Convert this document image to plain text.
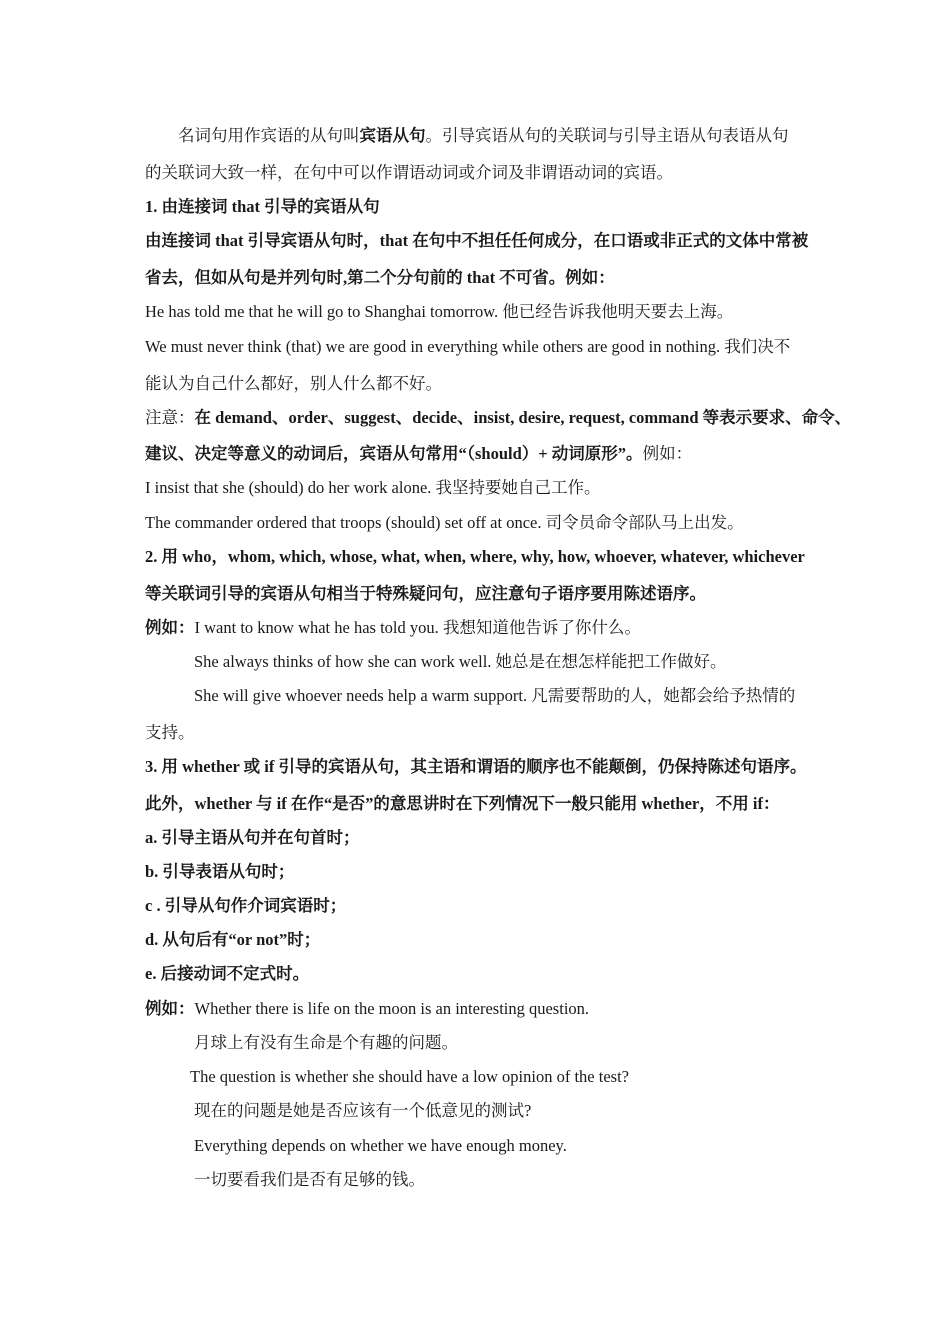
名词句用作宾语的从句叫宾语从句。引导宾语从句的关联词与引导主语从句表语从句
的关联词大致一样，在句中可以作谓语动词或介词及非谓语动词的宾语。
1. 由连接词 that 引导的宾语从句
由连接词 that 引导宾语从句时，that 在句中不担任任何成分，在口语或非正式的文体中常被
省去，但如从句是并列句时,第二个分句前的 that 不可省。例如：
He has told me that he will go to Shanghai tomorrow. 他已经告诉我他明天要去上海。
We must never think (that) we are good in everything while others are good in nothing. 我们决不
能认为自己什么都好，别人什么都不好。
注意：在 demand、order、suggest、decide、insist, desire, request, command 等表示要求、命令、
建议、决定等意义的动词后，宾语从句常用“（should）+ 动词原形”。例如：
I insist that she (should) do her work alone. 我坚持要她自己工作。
The commander ordered that troops (should) set off at once. 司令员命令部队马上出发。
2. 用 who，whom, which, whose, what, when, where, why, how, whoever, whatever, whichever
等关联词引导的宾语从句相当于特殊疑问句，应注意句子语序要用陈述语序。
例如：I want to know what he has told you. 我想知道他告诉了你什么。
She always thinks of how she can work well. 她总是在想怎样能把工作做好。
She will give whoever needs help a warm support. 凡需要帮助的人，她都会给予热情的
支持。
3. 用 whether 或 if 引导的宾语从句，其主语和谓语的顺序也不能颠倒，仍保持陈述句语序。
此外，whether 与 if 在作“是否”的意思讲时在下列情况下一般只能用 whether，不用 if：
a. 引导主语从句并在句首时；
b. 引导表语从句时；
c . 引导从句作介词宾语时；
d. 从句后有“or not”时；
e. 后接动词不定式时。
例如：Whether there is life on the moon is an interesting question.
月球上有没有生命是个有趣的问题。
The question is whether she should have a low opinion of the test?
现在的问题是她是否应该有一个低意见的测试?
Everything depends on whether we have enough money.
一切要看我们是否有足够的钱。
